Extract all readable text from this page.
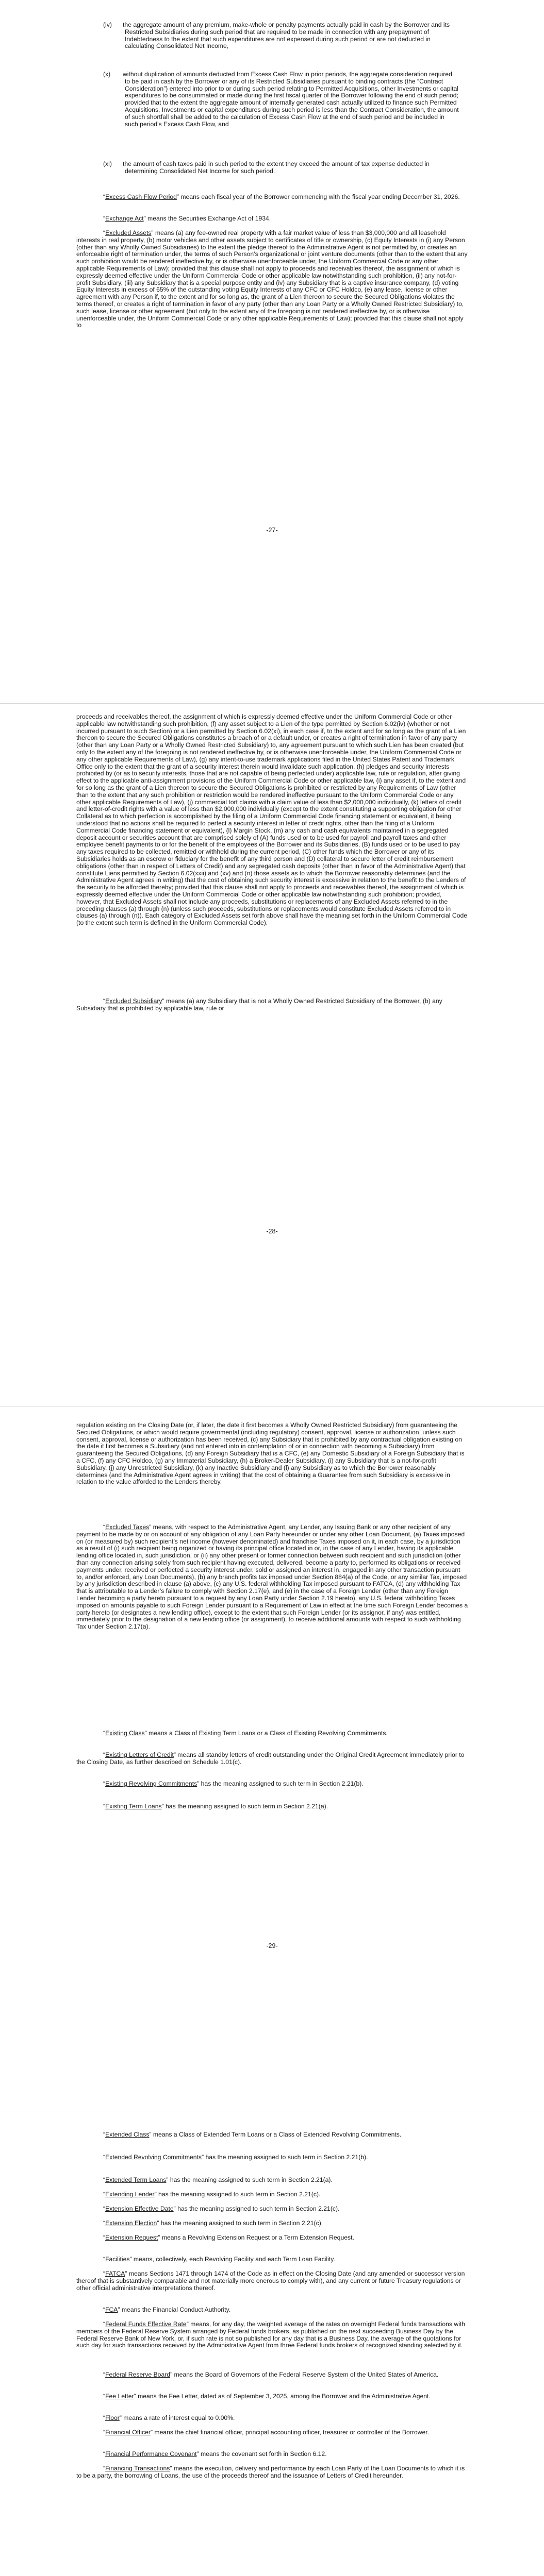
(iv) the aggregate amount of any premium, make-whole or penalty payments actually paid in cash by the Borrower and its Restricted Subsidiaries during such period that are required to be made in connection with any prepayment of Indebtedness to the extent that such expenditures are not expensed during such period or are not deducted in calculating Consolidated Net Income,

(x) without duplication of amounts deducted from Excess Cash Flow in prior periods, the aggregate consideration required to be paid in cash by the Borrower or any of its Restricted Subsidiaries pursuant to binding contracts (the “Contract Consideration”) entered into prior to or during such period relating to Permitted Acquisitions, other Investments or capital expenditures to be consummated or made during the first fiscal quarter of the Borrower following the end of such period; provided that to the extent the aggregate amount of internally generated cash actually utilized to finance such Permitted Acquisitions, Investments or capital expenditures during such period is less than the Contract Consideration, the amount of such shortfall shall be added to the calculation of Excess Cash Flow at the end of such period and be included in such period’s Excess Cash Flow, and

(xi) the amount of cash taxes paid in such period to the extent they exceed the amount of tax expense deducted in determining Consolidated Net Income for such period.

“Excess Cash Flow Period” means each fiscal year of the Borrower commencing with the fiscal year ending December 31, 2026.

“Exchange Act” means the Securities Exchange Act of 1934.

“Excluded Assets” means (a) any fee-owned real property with a fair market value of less than $3,000,000 and all leasehold interests in real property, (b) motor vehicles and other assets subject to certificates of title or ownership, (c) Equity Interests in (i) any Person (other than any Wholly Owned Subsidiaries) to the extent the pledge thereof to the Administrative Agent is not permitted by, or creates an enforceable right of termination under, the terms of such Person’s organizational or joint venture documents (other than to the extent that any such prohibition would be rendered ineffective by, or is otherwise unenforceable under, the Uniform Commercial Code or any other applicable Requirements of Law); provided that this clause shall not apply to proceeds and receivables thereof, the assignment of which is expressly deemed effective under the Uniform Commercial Code or other applicable law notwithstanding such prohibition, (ii) any not-for-profit Subsidiary, (iii) any Subsidiary that is a special purpose entity and (iv) any Subsidiary that is a captive insurance company, (d) voting Equity Interests in excess of 65% of the outstanding voting Equity Interests of any CFC or CFC Holdco, (e) any lease, license or other agreement with any Person if, to the extent and for so long as, the grant of a Lien thereon to secure the Secured Obligations violates the terms thereof, or creates a right of termination in favor of any party (other than any Loan Party or a Wholly Owned Restricted Subsidiary) to, such lease, license or other agreement (but only to the extent any of the foregoing is not rendered ineffective by, or is otherwise unenforceable under, the Uniform Commercial Code or any other applicable Requirements of Law); provided that this clause shall not apply to

-27-

proceeds and receivables thereof, the assignment of which is expressly deemed effective under the Uniform Commercial Code or other applicable law notwithstanding such prohibition, (f) any asset subject to a Lien of the type permitted by Section 6.02(iv) (whether or not incurred pursuant to such Section) or a Lien permitted by Section 6.02(xi), in each case if, to the extent and for so long as the grant of a Lien thereon to secure the Secured Obligations constitutes a breach of or a default under, or creates a right of termination in favor of any party (other than any Loan Party or a Wholly Owned Restricted Subsidiary) to, any agreement pursuant to which such Lien has been created (but only to the extent any of the foregoing is not rendered ineffective by, or is otherwise unenforceable under, the Uniform Commercial Code or any other applicable Requirements of Law), (g) any intent-to-use trademark applications filed in the United States Patent and Trademark Office only to the extent that the grant of a security interest therein would invalidate such application, (h) pledges and security interests prohibited by (or as to security interests, those that are not capable of being perfected under) applicable law, rule or regulation, after giving effect to the applicable anti-assignment provisions of the Uniform Commercial Code or other applicable law, (i) any asset if, to the extent and for so long as the grant of a Lien thereon to secure the Secured Obligations is prohibited or restricted by any Requirements of Law (other than to the extent that any such prohibition or restriction would be rendered ineffective pursuant to the Uniform Commercial Code or any other applicable Requirements of Law), (j) commercial tort claims with a claim value of less than $2,000,000 individually, (k) letters of credit and letter-of-credit rights with a value of less than $2,000,000 individually (except to the extent constituting a supporting obligation for other Collateral as to which perfection is accomplished by the filing of a Uniform Commercial Code financing statement or equivalent, it being understood that no actions shall be required to perfect a security interest in letter of credit rights, other than the filing of a Uniform Commercial Code financing statement or equivalent), (l) Margin Stock, (m) any cash and cash equivalents maintained in a segregated deposit account or securities account that are comprised solely of (A) funds used or to be used for payroll and payroll taxes and other employee benefit payments to or for the benefit of the employees of the Borrower and its Subsidiaries, (B) funds used or to be used to pay any taxes required to be collected, remitted or withheld during the current period, (C) other funds which the Borrower or any of its Subsidiaries holds as an escrow or fiduciary for the benefit of any third person and (D) collateral to secure letter of credit reimbursement obligations (other than in respect of Letters of Credit) and any segregated cash deposits (other than in favor of the Administrative Agent) that constitute Liens permitted by Section 6.02(xxii) and (xv) and (n) those assets as to which the Borrower reasonably determines (and the Administrative Agent agrees in writing) that the cost of obtaining such security interest is excessive in relation to the benefit to the Lenders of the security to be afforded thereby; provided that this clause shall not apply to proceeds and receivables thereof, the assignment of which is expressly deemed effective under the Uniform Commercial Code or other applicable law notwithstanding such prohibition; provided, however, that Excluded Assets shall not include any proceeds, substitutions or replacements of any Excluded Assets referred to in the preceding clauses (a) through (n) (unless such proceeds, substitutions or replacements would constitute Excluded Assets referred to in clauses (a) through (n)). Each category of Excluded Assets set forth above shall have the meaning set forth in the Uniform Commercial Code (to the extent such term is defined in the Uniform Commercial Code).

“Excluded Subsidiary” means (a) any Subsidiary that is not a Wholly Owned Restricted Subsidiary of the Borrower, (b) any Subsidiary that is prohibited by applicable law, rule or

-28-

regulation existing on the Closing Date (or, if later, the date it first becomes a Wholly Owned Restricted Subsidiary) from guaranteeing the Secured Obligations, or which would require governmental (including regulatory) consent, approval, license or authorization, unless such consent, approval, license or authorization has been received, (c) any Subsidiary that is prohibited by any contractual obligation existing on the date it first becomes a Subsidiary (and not entered into in contemplation of or in connection with becoming a Subsidiary) from guaranteeing the Secured Obligations, (d) any Foreign Subsidiary that is a CFC, (e) any Domestic Subsidiary of a Foreign Subsidiary that is a CFC, (f) any CFC Holdco, (g) any Immaterial Subsidiary, (h) a Broker-Dealer Subsidiary, (i) any Subsidiary that is a not-for-profit Subsidiary, (j) any Unrestricted Subsidiary, (k) any Inactive Subsidiary and (l) any Subsidiary as to which the Borrower reasonably determines (and the Administrative Agent agrees in writing) that the cost of obtaining a Guarantee from such Subsidiary is excessive in relation to the value afforded to the Lenders thereby.

“Excluded Taxes” means, with respect to the Administrative Agent, any Lender, any Issuing Bank or any other recipient of any payment to be made by or on account of any obligation of any Loan Party hereunder or under any other Loan Document, (a) Taxes imposed on (or measured by) such recipient’s net income (however denominated) and franchise Taxes imposed on it, in each case, by a jurisdiction as a result of (i) such recipient being organized or having its principal office located in or, in the case of any Lender, having its applicable lending office located in, such jurisdiction, or (ii) any other present or former connection between such recipient and such jurisdiction (other than any connection arising solely from such recipient having executed, delivered, become a party to, performed its obligations or received payments under, received or perfected a security interest under, sold or assigned an interest in, engaged in any other transaction pursuant to, and/or enforced, any Loan Documents), (b) any branch profits tax imposed under Section 884(a) of the Code, or any similar Tax, imposed by any jurisdiction described in clause (a) above, (c) any U.S. federal withholding Tax imposed pursuant to FATCA, (d) any withholding Tax that is attributable to a Lender’s failure to comply with Section 2.17(e), and (e) in the case of a Foreign Lender (other than any Foreign Lender becoming a party hereto pursuant to a request by any Loan Party under Section 2.19 hereto), any U.S. federal withholding Taxes imposed on amounts payable to such Foreign Lender pursuant to a Requirement of Law in effect at the time such Foreign Lender becomes a party hereto (or designates a new lending office), except to the extent that such Foreign Lender (or its assignor, if any) was entitled, immediately prior to the designation of a new lending office (or assignment), to receive additional amounts with respect to such withholding Tax under Section 2.17(a).

“Existing Class” means a Class of Existing Term Loans or a Class of Existing Revolving Commitments.

“Existing Letters of Credit” means all standby letters of credit outstanding under the Original Credit Agreement immediately prior to the Closing Date, as further described on Schedule 1.01(c).

“Existing Revolving Commitments” has the meaning assigned to such term in Section 2.21(b).

“Existing Term Loans” has the meaning assigned to such term in Section 2.21(a).

-29-

“Extended Class” means a Class of Extended Term Loans or a Class of Extended Revolving Commitments.

“Extended Revolving Commitments” has the meaning assigned to such term in Section 2.21(b).

“Extended Term Loans” has the meaning assigned to such term in Section 2.21(a).

“Extending Lender” has the meaning assigned to such term in Section 2.21(c).

“Extension Effective Date” has the meaning assigned to such term in Section 2.21(c).

“Extension Election” has the meaning assigned to such term in Section 2.21(c).

“Extension Request” means a Revolving Extension Request or a Term Extension Request.

“Facilities” means, collectively, each Revolving Facility and each Term Loan Facility.

“FATCA” means Sections 1471 through 1474 of the Code as in effect on the Closing Date (and any amended or successor version thereof that is substantively comparable and not materially more onerous to comply with), and any current or future Treasury regulations or other official administrative interpretations thereof.

“FCA” means the Financial Conduct Authority.

“Federal Funds Effective Rate” means, for any day, the weighted average of the rates on overnight Federal funds transactions with members of the Federal Reserve System arranged by Federal funds brokers, as published on the next succeeding Business Day by the Federal Reserve Bank of New York, or, if such rate is not so published for any day that is a Business Day, the average of the quotations for such day for such transactions received by the Administrative Agent from three Federal funds brokers of recognized standing selected by it.

“Federal Reserve Board” means the Board of Governors of the Federal Reserve System of the United States of America.

“Fee Letter” means the Fee Letter, dated as of September 3, 2025, among the Borrower and the Administrative Agent.

“Floor” means a rate of interest equal to 0.00%.

“Financial Officer” means the chief financial officer, principal accounting officer, treasurer or controller of the Borrower.

“Financial Performance Covenant” means the covenant set forth in Section 6.12.

“Financing Transactions” means the execution, delivery and performance by each Loan Party of the Loan Documents to which it is to be a party, the borrowing of Loans, the use of the proceeds thereof and the issuance of Letters of Credit hereunder.
